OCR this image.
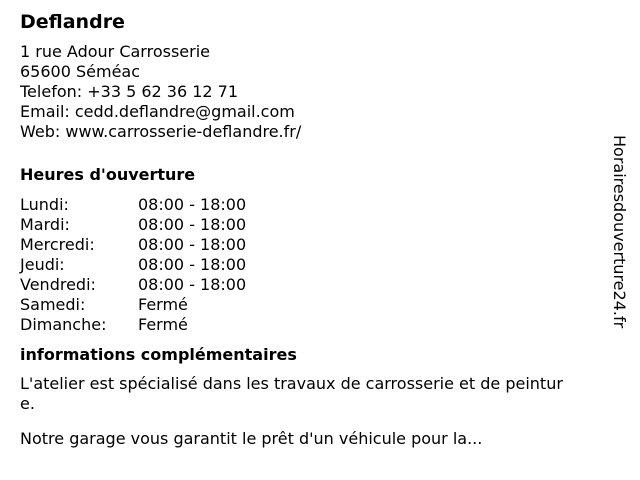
Deflandre
1 rue Adour Carrosserie
65600 Séméac
Telefon: +33 5 62 36 12 71
Email: cedd.deflandre@gmail.com
Web: www.carrosserie-deflandre.fr/
Heures d'ouverture
Lundi:	08:00 - 18:00
Mardi:	08:00 - 18:00
Mercredi:	08:00 - 18:00
Jeudi:	08:00 - 18:00
Vendredi:	08:00 - 18:00
Samedi:	Fermé
Dimanche:	Fermé
informations complémentaires
L'atelier est spécialisé dans les travaux de carrosserie et de peinture.
Notre garage vous garantit le prêt d'un véhicule pour la...
Horairesdouverture24.fr
